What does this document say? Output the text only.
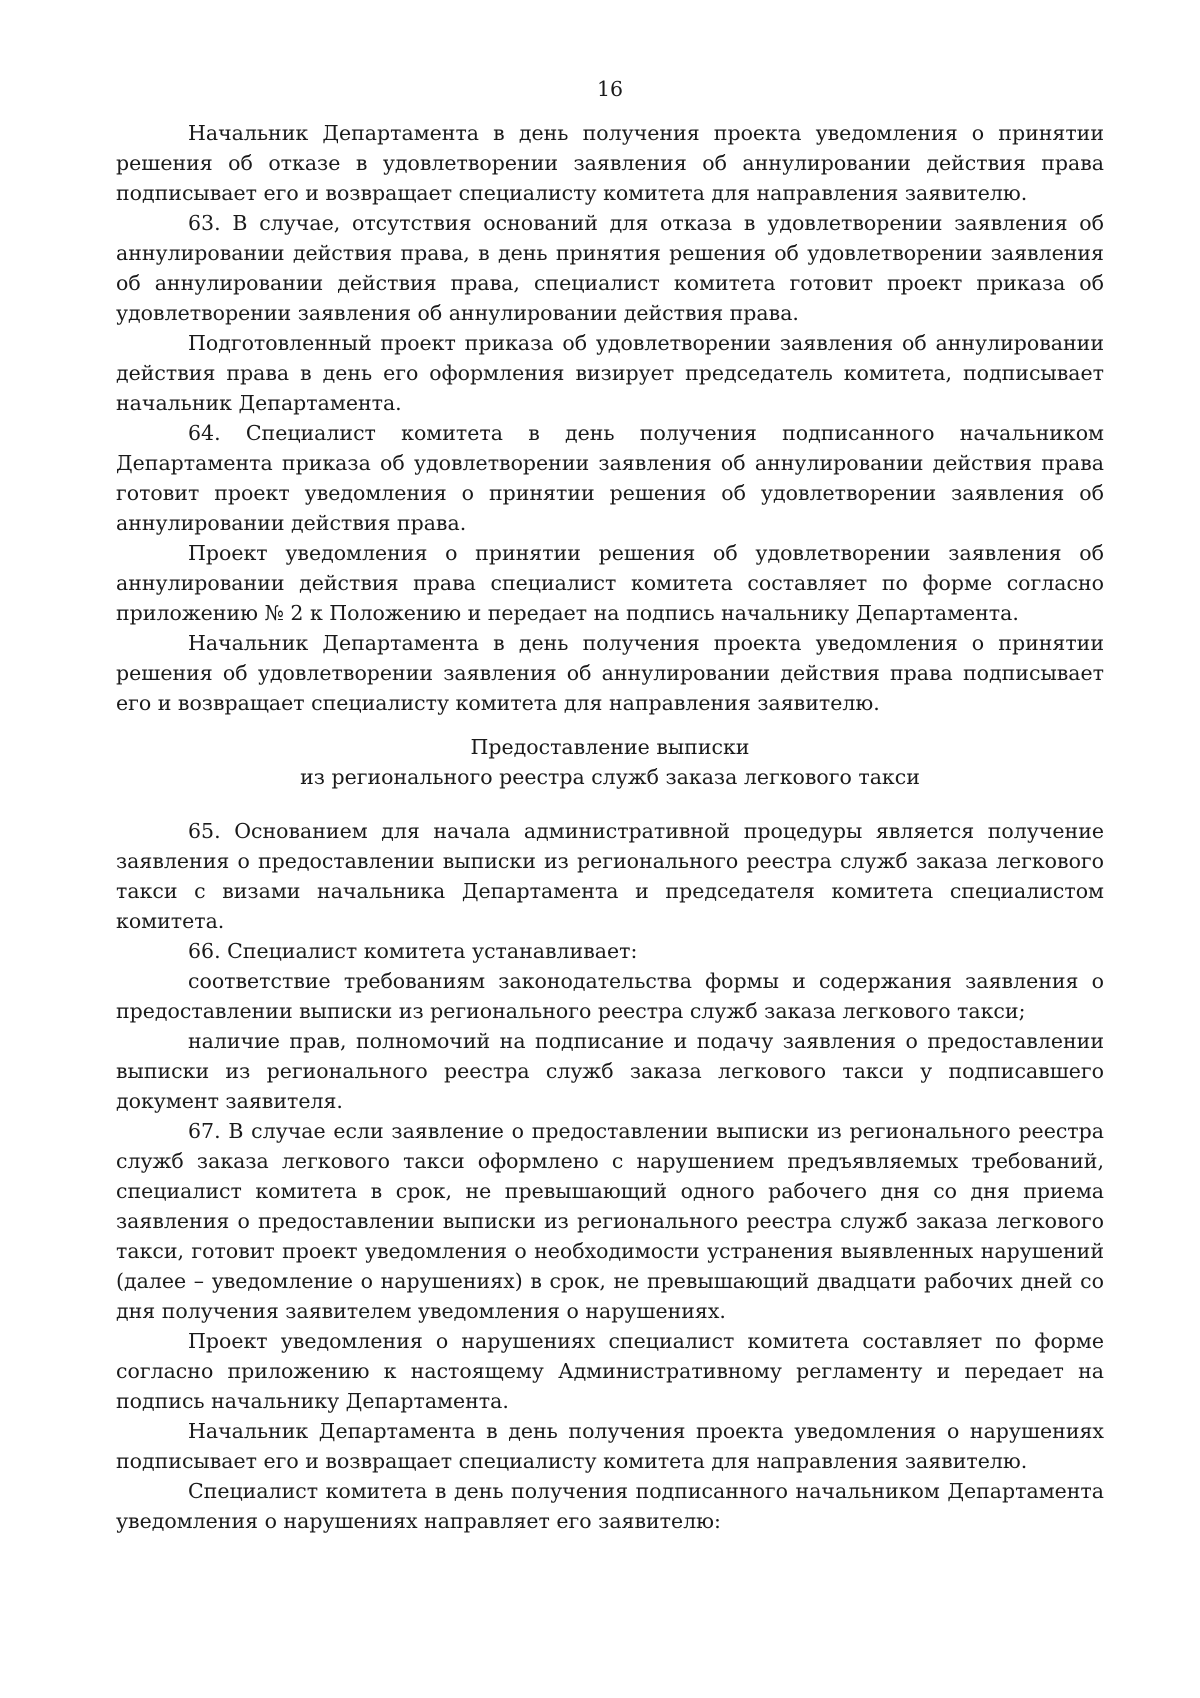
16

Начальник Департамента в день получения проекта уведомления о принятии решения об отказе в удовлетворении заявления об аннулировании действия права подписывает его и возвращает специалисту комитета для направления заявителю.

63. В случае, отсутствия оснований для отказа в удовлетворении заявления об аннулировании действия права, в день принятия решения об удовлетворении заявления об аннулировании действия права, специалист комитета готовит проект приказа об удовлетворении заявления об аннулировании действия права.

Подготовленный проект приказа об удовлетворении заявления об аннулировании действия права в день его оформления визирует председатель комитета, подписывает начальник Департамента.

64. Специалист комитета в день получения подписанного начальником Департамента приказа об удовлетворении заявления об аннулировании действия права готовит проект уведомления о принятии решения об удовлетворении заявления об аннулировании действия права.

Проект уведомления о принятии решения об удовлетворении заявления об аннулировании действия права специалист комитета составляет по форме согласно приложению № 2 к Положению и передает на подпись начальнику Департамента.

Начальник Департамента в день получения проекта уведомления о принятии решения об удовлетворении заявления об аннулировании действия права подписывает его и возвращает специалисту комитета для направления заявителю.

Предоставление выписки

из регионального реестра служб заказа легкового такси

65. Основанием для начала административной процедуры является получение заявления о предоставлении выписки из регионального реестра служб заказа легкового такси с визами начальника Департамента и председателя комитета специалистом комитета.

66. Специалист комитета устанавливает:

соответствие требованиям законодательства формы и содержания заявления о предоставлении выписки из регионального реестра служб заказа легкового такси;

наличие прав, полномочий на подписание и подачу заявления о предоставлении выписки из регионального реестра служб заказа легкового такси у подписавшего документ заявителя.

67. В случае если заявление о предоставлении выписки из регионального реестра служб заказа легкового такси оформлено с нарушением предъявляемых требований, специалист комитета в срок, не превышающий одного рабочего дня со дня приема заявления о предоставлении выписки из регионального реестра служб заказа легкового такси, готовит проект уведомления о необходимости устранения выявленных нарушений (далее – уведомление о нарушениях) в срок, не превышающий двадцати рабочих дней со дня получения заявителем уведомления о нарушениях.

Проект уведомления о нарушениях специалист комитета составляет по форме согласно приложению к настоящему Административному регламенту и передает на подпись начальнику Департамента.

Начальник Департамента в день получения проекта уведомления о нарушениях подписывает его и возвращает специалисту комитета для направления заявителю.

Специалист комитета в день получения подписанного начальником Департамента уведомления о нарушениях направляет его заявителю:
